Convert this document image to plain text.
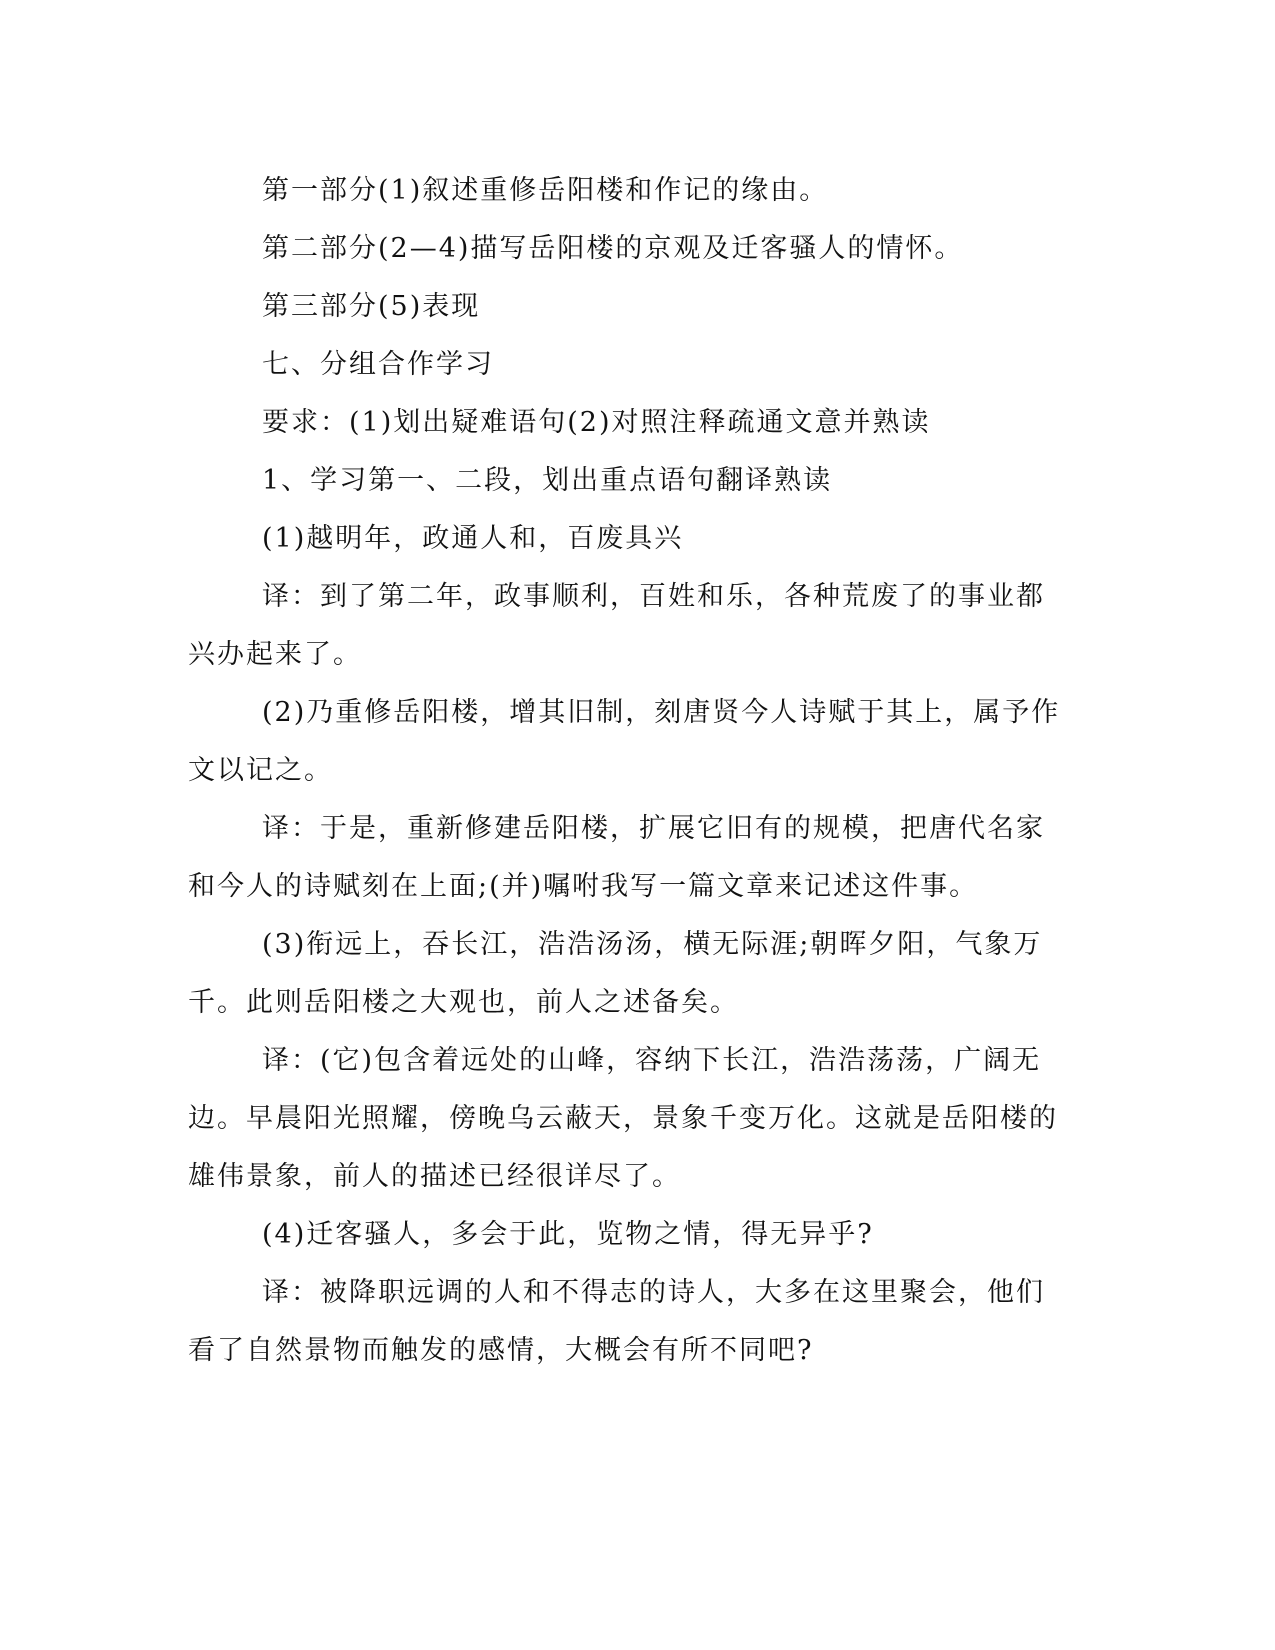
第一部分(1)叙述重修岳阳楼和作记的缘由。

第二部分(2—4)描写岳阳楼的京观及迁客骚人的情怀。

第三部分(5)表现

七、分组合作学习

要求：(1)划出疑难语句(2)对照注释疏通文意并熟读

1、学习第一、二段，划出重点语句翻译熟读

(1)越明年，政通人和，百废具兴

译：到了第二年，政事顺利，百姓和乐，各种荒废了的事业都兴办起来了。

(2)乃重修岳阳楼，增其旧制，刻唐贤今人诗赋于其上，属予作文以记之。

译：于是，重新修建岳阳楼，扩展它旧有的规模，把唐代名家和今人的诗赋刻在上面;(并)嘱咐我写一篇文章来记述这件事。

(3)衔远上，吞长江，浩浩汤汤，横无际涯;朝晖夕阳，气象万千。此则岳阳楼之大观也，前人之述备矣。

译：(它)包含着远处的山峰，容纳下长江，浩浩荡荡，广阔无边。早晨阳光照耀，傍晚乌云蔽天，景象千变万化。这就是岳阳楼的雄伟景象，前人的描述已经很详尽了。

(4)迁客骚人，多会于此，览物之情，得无异乎?

译：被降职远调的人和不得志的诗人，大多在这里聚会，他们看了自然景物而触发的感情，大概会有所不同吧?
